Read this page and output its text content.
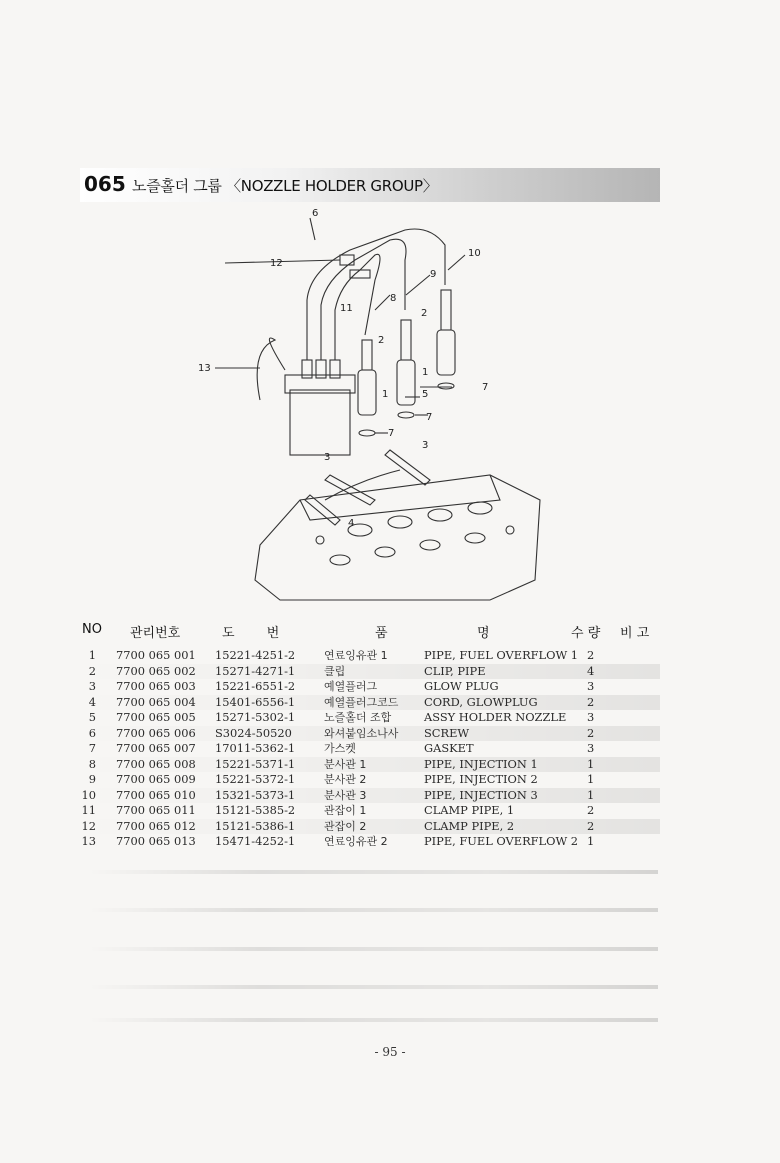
065 노즐홀더 그룹 〈NOZZLE HOLDER GROUP〉
6
10
12
9
8
11
2
2
13
1
1
5
7
7
7
3
3
4
NO 관리번호	도 번	품	명	수 량 비 고
1 7700 065 001 15221-4251-2	연료잉유관 1	PIPE, FUEL OVERFLOW 1 2
2 7700 065 002 15271-4271-1	클립	CLIP, PIPE	4
3 7700 065 003 15221-6551-2	예열플러그	GLOW PLUG	3
4 7700 065 004 15401-6556-1	예열플러그코드 CORD, GLOWPLUG	2
5 7700 065 005 15271-5302-1	노즐홀더 조합	ASSY HOLDER NOZZLE 3
6 7700 065 006 S3024-50520	와셔붙임소나사 SCREW	2
7 7700 065 007 17011-5362-1	가스켓	GASKET	3
8 7700 065 008 15221-5371-1	분사관 1	PIPE, INJECTION 1	1
9 7700 065 009 15221-5372-1	분사관 2	PIPE, INJECTION 2	1
10 7700 065 010 15321-5373-1	분사관 3	PIPE, INJECTION 3	1
11 7700 065 011 15121-5385-2	관잡이 1	CLAMP PIPE, 1	2
12 7700 065 012 15121-5386-1	관잡이 2	CLAMP PIPE, 2	2
13 7700 065 013 15471-4252-1	연료잉유관 2	PIPE, FUEL OVERFLOW 2 1
- 95 -
